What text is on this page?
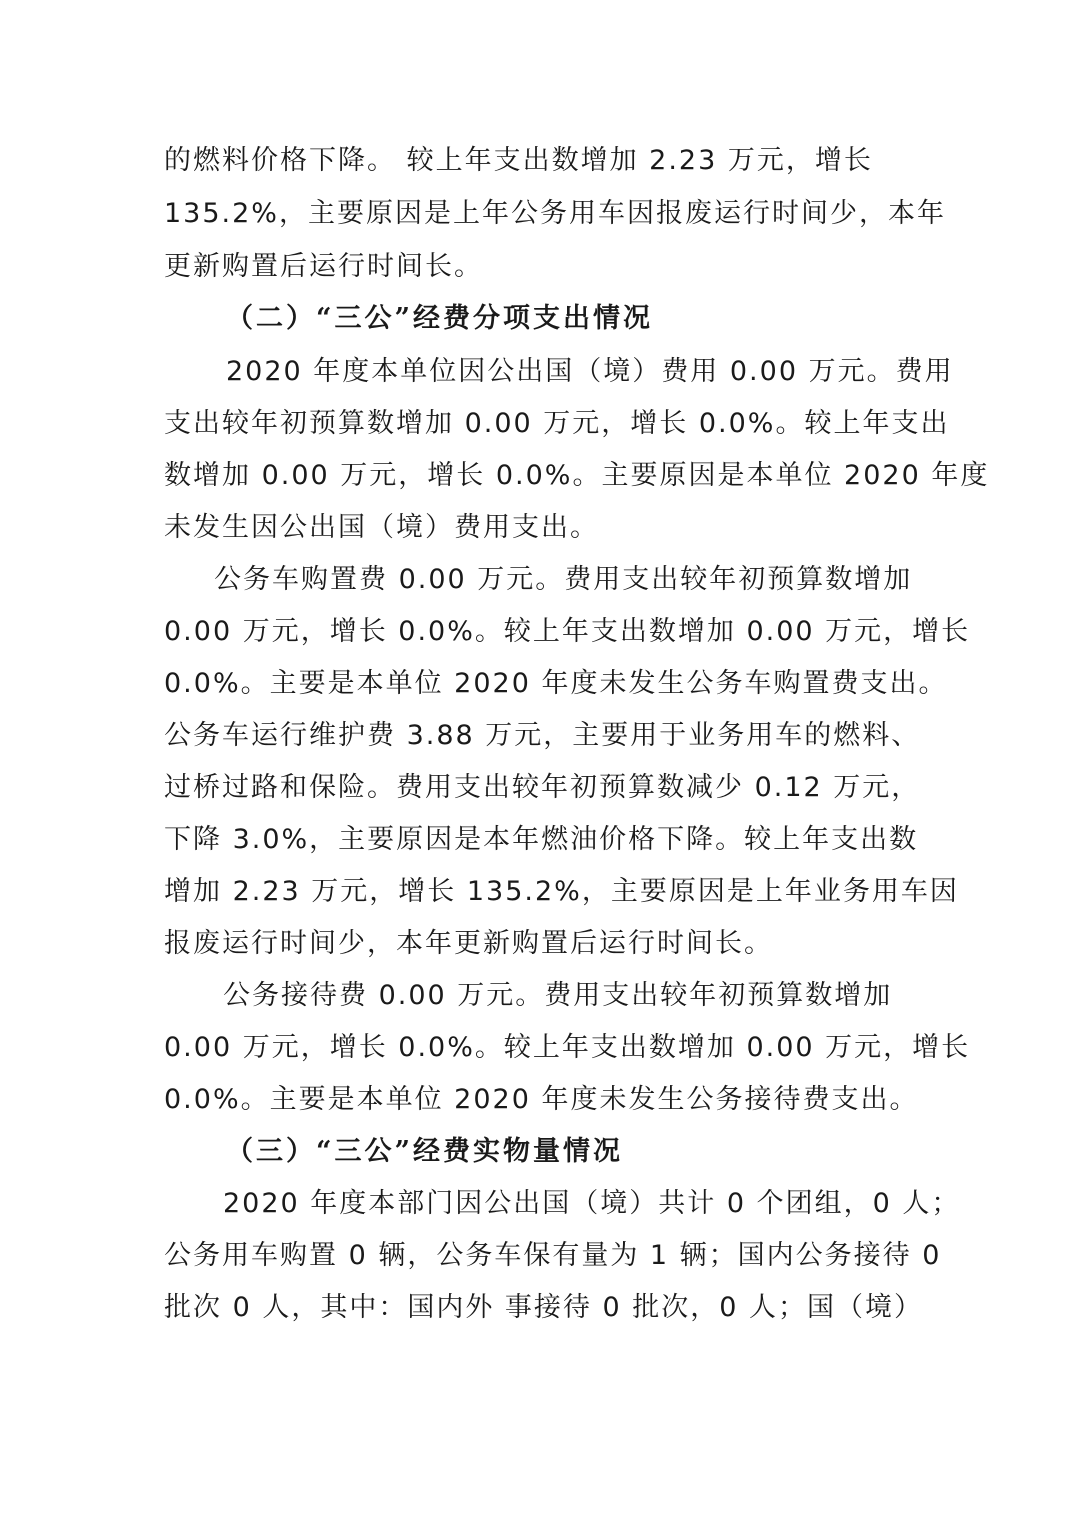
的燃料价格下降。 较上年支出数增加 2.23 万元，增长
135.2%，主要原因是上年公务用车因报废运行时间少，本年
更新购置后运行时间长。
（二）“三公”经费分项支出情况
2020 年度本单位因公出国（境）费用 0.00 万元。费用
支出较年初预算数增加 0.00 万元，增长 0.0%。较上年支出
数增加 0.00 万元，增长 0.0%。主要原因是本单位 2020 年度
未发生因公出国（境）费用支出。
公务车购置费 0.00 万元。费用支出较年初预算数增加
0.00 万元，增长 0.0%。较上年支出数增加 0.00 万元，增长
0.0%。主要是本单位 2020 年度未发生公务车购置费支出。
公务车运行维护费 3.88 万元，主要用于业务用车的燃料、
过桥过路和保险。费用支出较年初预算数减少 0.12 万元，
下降 3.0%，主要原因是本年燃油价格下降。较上年支出数
增加 2.23 万元，增长 135.2%，主要原因是上年业务用车因
报废运行时间少，本年更新购置后运行时间长。
公务接待费 0.00 万元。费用支出较年初预算数增加
0.00 万元，增长 0.0%。较上年支出数增加 0.00 万元，增长
0.0%。主要是本单位 2020 年度未发生公务接待费支出。
（三）“三公”经费实物量情况
2020 年度本部门因公出国（境）共计 0 个团组，0 人；
公务用车购置 0 辆，公务车保有量为 1 辆；国内公务接待 0
批次 0 人，其中：国内外 事接待 0 批次，0 人；国（境）
